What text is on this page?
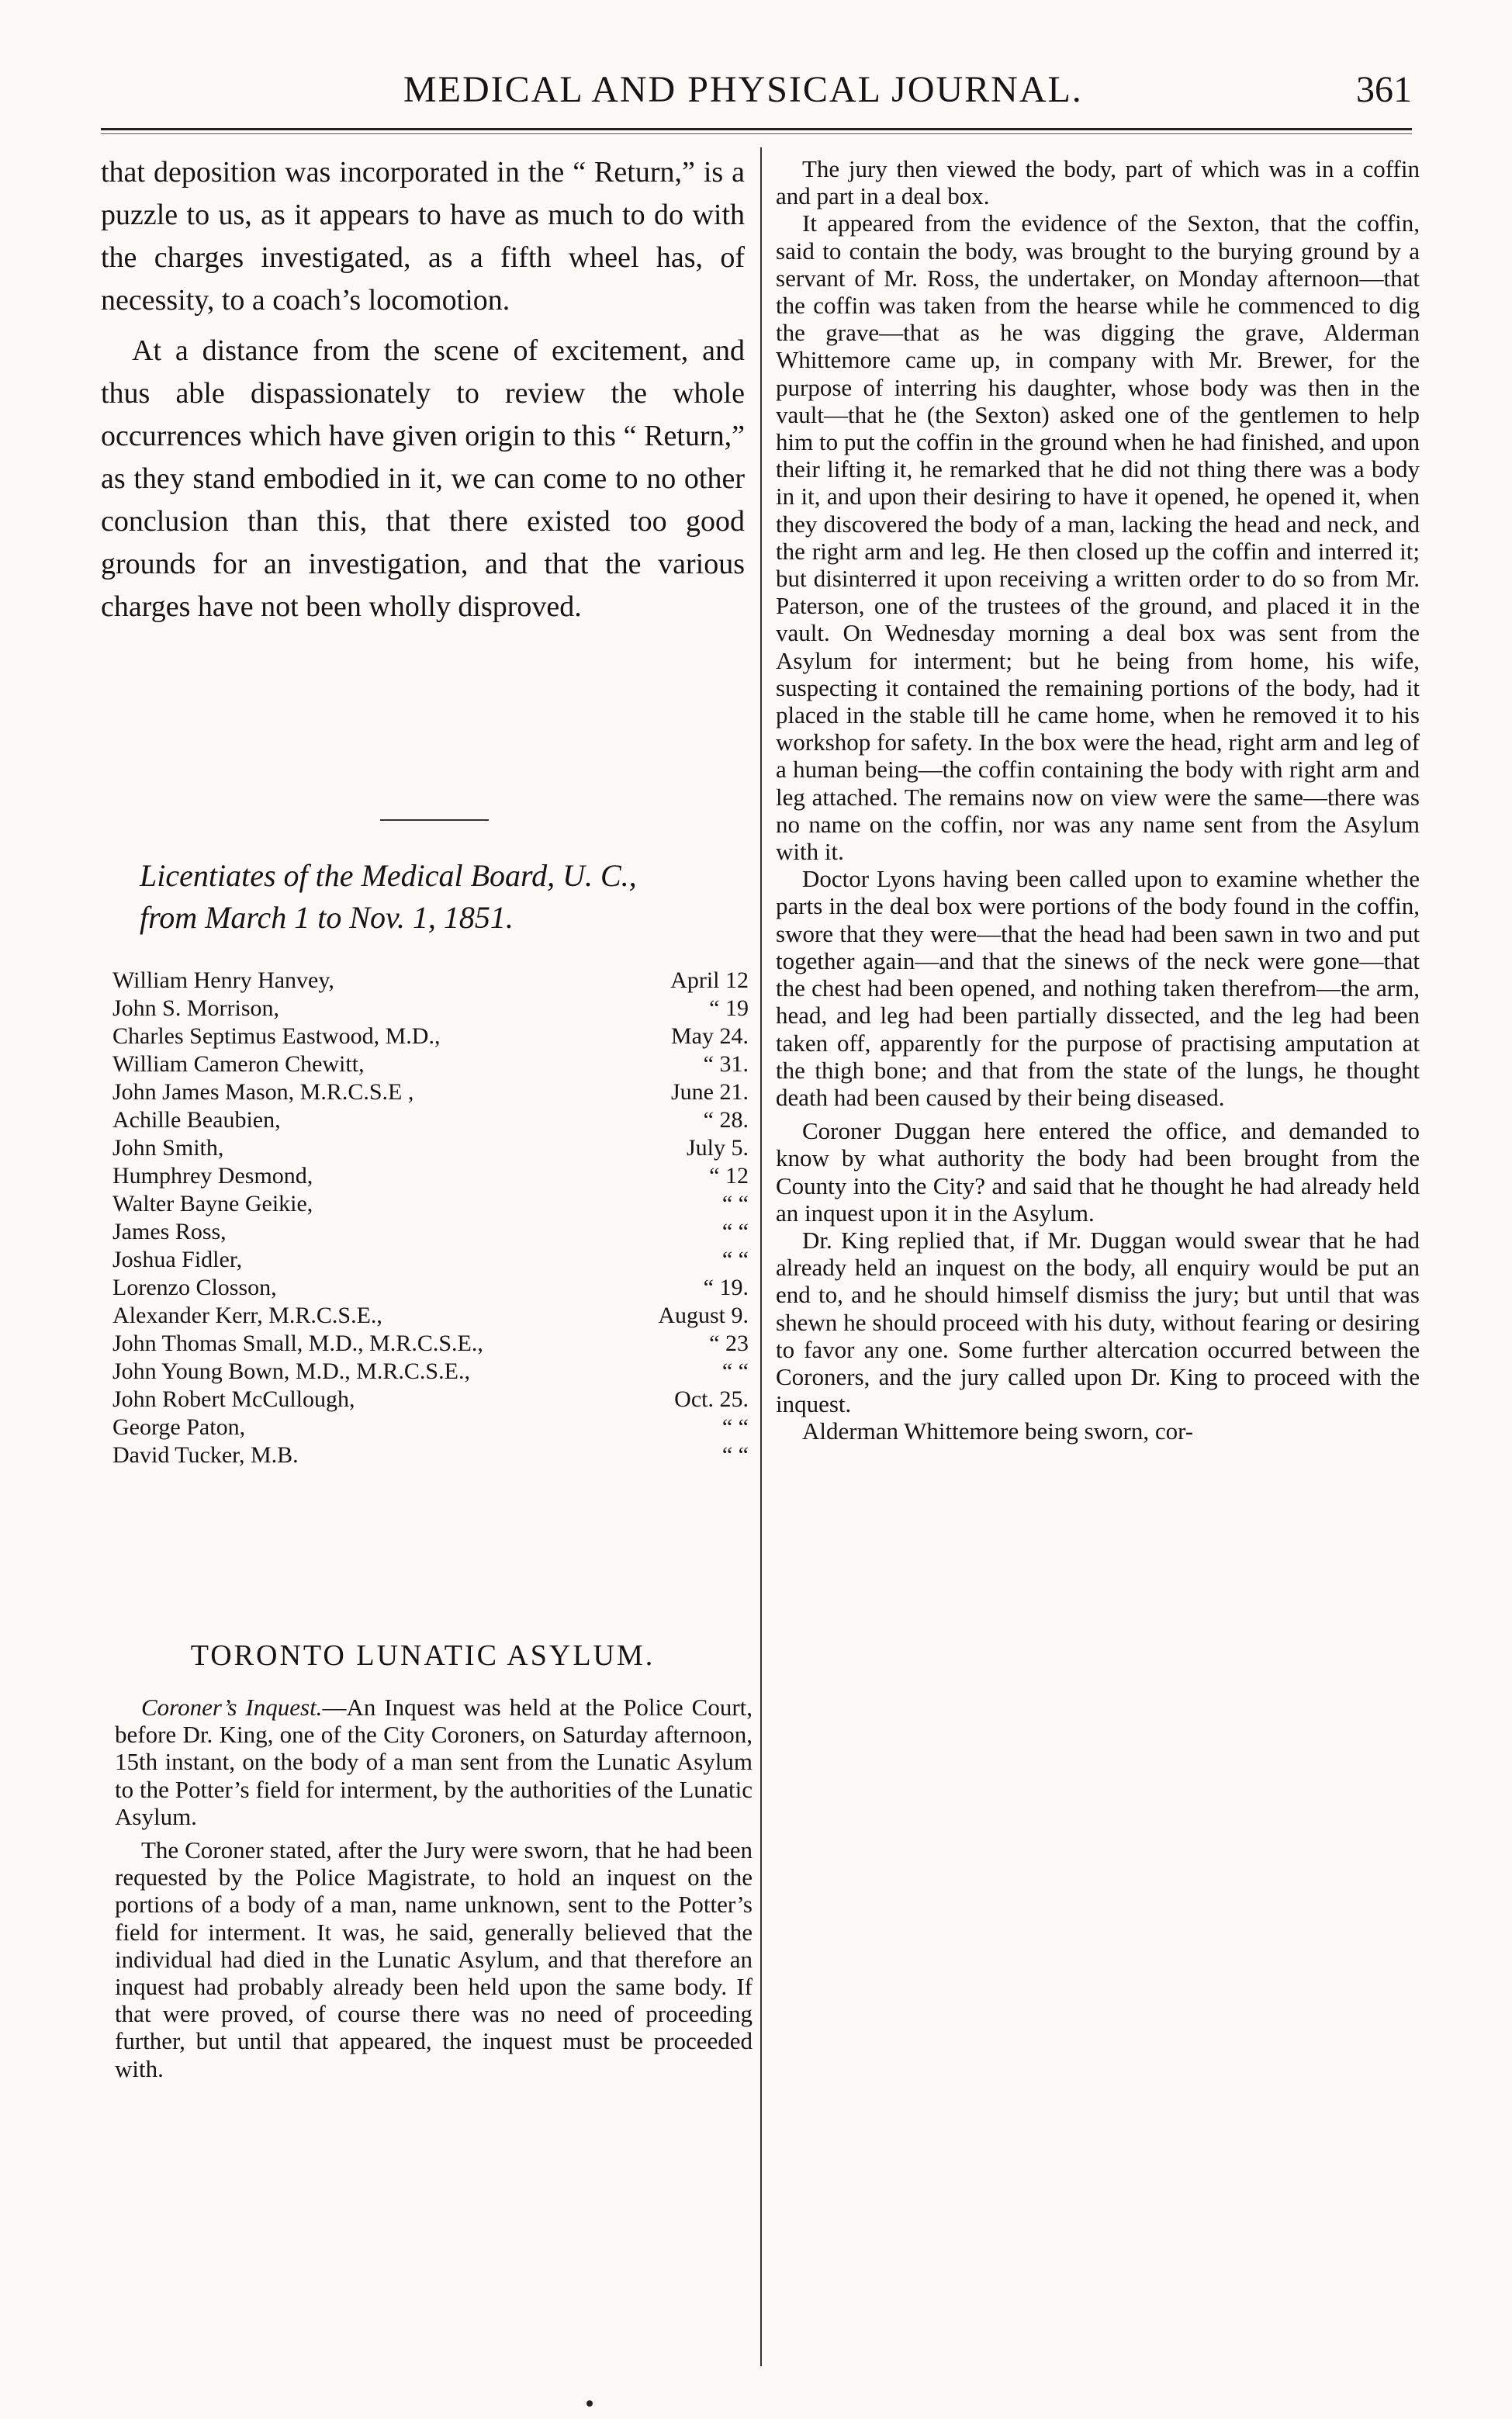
MEDICAL AND PHYSICAL JOURNAL.	361

that deposition was incorporated in the “ Return,” is a puzzle to us, as it appears to have as much to do with the charges investigated, as a fifth wheel has, of necessity, to a coach’s locomotion.

At a distance from the scene of excitement, and thus able dispassionately to review the whole occurrences which have given origin to this “ Return,” as they stand embodied in it, we can come to no other conclusion than this, that there existed too good grounds for an investigation, and that the various charges have not been wholly disproved.

Licentiates of the Medical Board, U. C.,

from March 1 to Nov. 1, 1851.

William Henry Hanvey,	April 12
John S. Morrison,	“ 19
Charles Septimus Eastwood, M.D.,	May 24.
William Cameron Chewitt,	“ 31.
John James Mason, M.R.C.S.E ,	June 21.
Achille Beaubien,	“ 28.
John Smith,	July 5.
Humphrey Desmond,	“ 12
Walter Bayne Geikie,	“ “
James Ross,	“ “
Joshua Fidler,	“ “
Lorenzo Closson,	“ 19.
Alexander Kerr, M.R.C.S.E.,	August 9.
John Thomas Small, M.D., M.R.C.S.E.,	“ 23
John Young Bown, M.D., M.R.C.S.E.,	“ “
John Robert McCullough,	Oct. 25.
George Paton,	“ “
David Tucker, M.B.	“ “

TORONTO LUNATIC ASYLUM.

Coroner’s Inquest.—An Inquest was held at the Police Court, before Dr. King, one of the City Coroners, on Saturday afternoon, 15th instant, on the body of a man sent from the Lunatic Asylum to the Potter’s field for interment, by the authorities of the Lunatic Asylum.

The Coroner stated, after the Jury were sworn, that he had been requested by the Police Magistrate, to hold an inquest on the portions of a body of a man, name unknown, sent to the Potter’s field for interment. It was, he said, generally believed that the individual had died in the Lunatic Asylum, and that therefore an inquest had probably already been held upon the same body. If that were proved, of course there was no need of proceeding further, but until that appeared, the inquest must be proceeded with.

The jury then viewed the body, part of which was in a coffin and part in a deal box.

It appeared from the evidence of the Sexton, that the coffin, said to contain the body, was brought to the burying ground by a servant of Mr. Ross, the undertaker, on Monday afternoon—that the coffin was taken from the hearse while he commenced to dig the grave—that as he was digging the grave, Alderman Whittemore came up, in company with Mr. Brewer, for the purpose of interring his daughter, whose body was then in the vault—that he (the Sexton) asked one of the gentlemen to help him to put the coffin in the ground when he had finished, and upon their lifting it, he remarked that he did not thing there was a body in it, and upon their desiring to have it opened, he opened it, when they discovered the body of a man, lacking the head and neck, and the right arm and leg. He then closed up the coffin and interred it; but disinterred it upon receiving a written order to do so from Mr. Paterson, one of the trustees of the ground, and placed it in the vault. On Wednesday morning a deal box was sent from the Asylum for interment; but he being from home, his wife, suspecting it contained the remaining portions of the body, had it placed in the stable till he came home, when he removed it to his workshop for safety. In the box were the head, right arm and leg of a human being—the coffin containing the body with right arm and leg attached. The remains now on view were the same—there was no name on the coffin, nor was any name sent from the Asylum with it.

Doctor Lyons having been called upon to examine whether the parts in the deal box were portions of the body found in the coffin, swore that they were—that the head had been sawn in two and put together again—and that the sinews of the neck were gone—that the chest had been opened, and nothing taken therefrom—the arm, head, and leg had been partially dissected, and the leg had been taken off, apparently for the purpose of practising amputation at the thigh bone; and that from the state of the lungs, he thought death had been caused by their being diseased.

Coroner Duggan here entered the office, and demanded to know by what authority the body had been brought from the County into the City? and said that he thought he had already held an inquest upon it in the Asylum.

Dr. King replied that, if Mr. Duggan would swear that he had already held an inquest on the body, all enquiry would be put an end to, and he should himself dismiss the jury; but until that was shewn he should proceed with his duty, without fearing or desiring to favor any one. Some further altercation occurred between the Coroners, and the jury called upon Dr. King to proceed with the inquest.

Alderman Whittemore being sworn, cor-
